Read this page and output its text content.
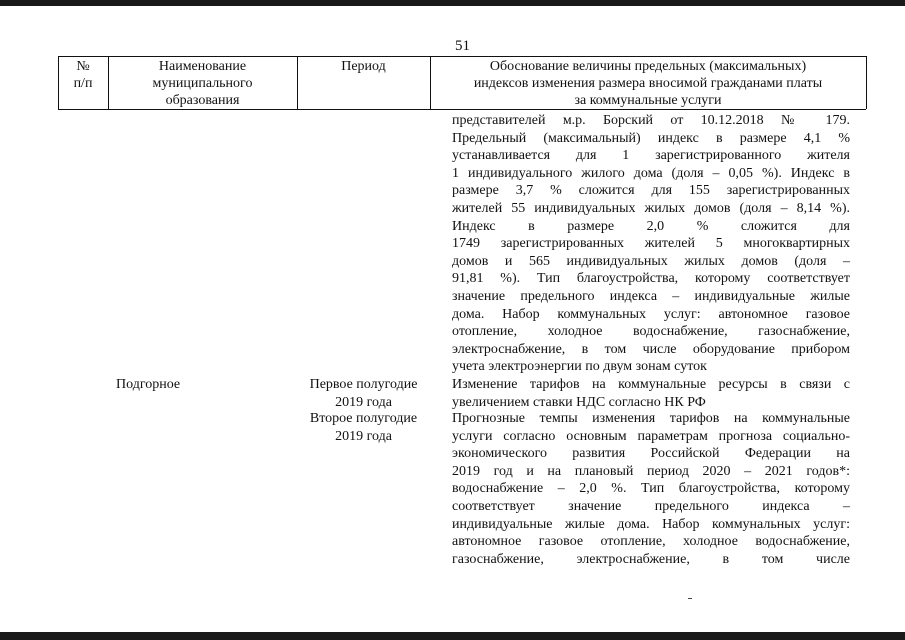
51
№
п/п
Наименование
муниципального
образования
Период	Обоснование величины предельных (максимальных)
индексов изменения размера вносимой гражданами платы
за коммунальные услуги
представителей м.р. Борский от 10.12.2018 № 179.
Предельный (максимальный) индекс в размере 4,1 %
устанавливается для 1 зарегистрированного жителя
1 индивидуального жилого дома (доля – 0,05 %). Индекс в
размере 3,7 % сложится для 155 зарегистрированных
жителей 55 индивидуальных жилых домов (доля – 8,14 %).
Индекс в размере 2,0 % сложится для
1749 зарегистрированных жителей 5 многоквартирных
домов и 565 индивидуальных жилых домов (доля –
91,81 %). Тип благоустройства, которому соответствует
значение предельного индекса – индивидуальные жилые
дома. Набор коммунальных услуг: автономное газовое
отопление, холодное водоснабжение, газоснабжение,
электроснабжение, в том числе оборудование прибором
учета электроэнергии по двум зонам суток
Подгорное	Первое полугодие
2019 года
Второе полугодие
2019 года
Изменение тарифов на коммунальные ресурсы в связи с
увеличением ставки НДС согласно НК РФ
Прогнозные темпы изменения тарифов на коммунальные
услуги согласно основным параметрам прогноза социально-
экономического развития Российской Федерации на
2019 год и на плановый период 2020 – 2021 годов*:
водоснабжение – 2,0 %. Тип благоустройства, которому
соответствует значение предельного индекса –
индивидуальные жилые дома. Набор коммунальных услуг:
автономное газовое отопление, холодное водоснабжение,
газоснабжение, электроснабжение, в том числе
